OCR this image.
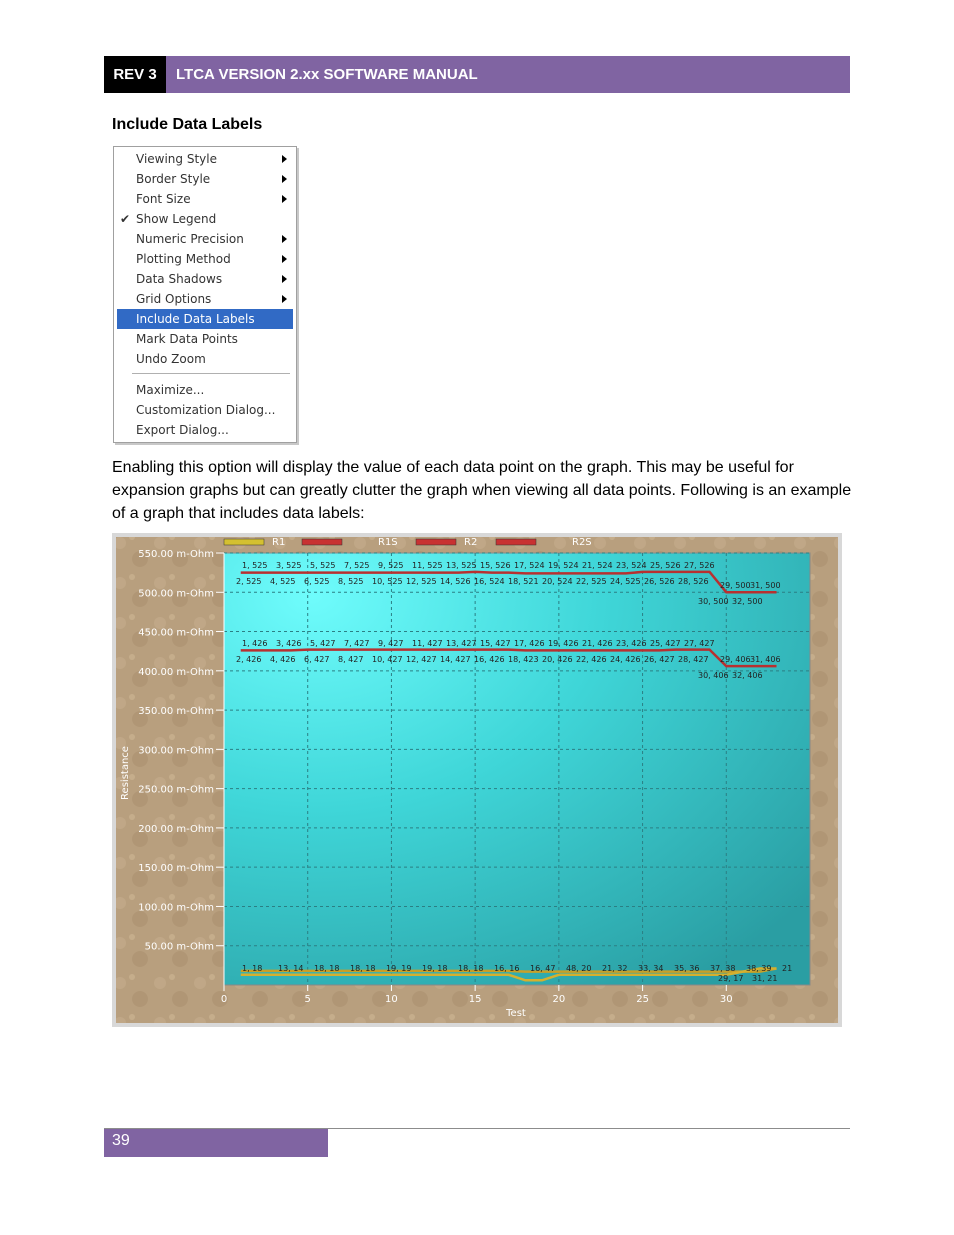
REV 3	LTCA VERSION 2.xx SOFTWARE MANUAL
Include Data Labels
Viewing Style
Border Style
Font Size
✔ Show Legend
Numeric Precision
Plotting Method
Data Shadows
Grid Options
Include Data Labels
Mark Data Points
Undo Zoom
Maximize...
Customization Dialog...
Export Dialog...
Enabling this option will display the value of each data point on the graph. This may be useful for expansion graphs but can greatly clutter the graph when viewing all data points. Following is an example of a graph that includes data labels:
R1	R1S	R2	R2S
50.00 m-Ohm
100.00 m-Ohm
150.00 m-Ohm
200.00 m-Ohm
250.00 m-Ohm
300.00 m-Ohm
350.00 m-Ohm
400.00 m-Ohm
450.00 m-Ohm
500.00 m-Ohm
550.00 m-Ohm
0	5	10	15	20	25	30
1, 525 3, 525 5, 525 7, 525 9, 525 11, 525 13, 525 15, 526 17, 524 19, 524 21, 524 23, 524 25, 526 27, 526
2, 525 4, 525 6, 525 8, 525 10, 525 12, 525 14, 526 16, 524 18, 521 20, 524 22, 525 24, 525 26, 526 28, 526 29, 500 31, 500
30, 500 32, 500
1, 426 3, 426 5, 427 7, 427 9, 427 11, 427 13, 427 15, 427 17, 426 19, 426 21, 426 23, 426 25, 427 27, 427
2, 426 4, 426 6, 427 8, 427 10, 427 12, 427 14, 427 16, 426 18, 423 20, 426 22, 426 24, 426 26, 427 28, 427 29, 406 31, 406
30, 406 32, 406
1, 18 13, 14 18, 18 18, 18 19, 19 19, 18 18, 18 16, 16 16, 47 48, 20 21, 32 33, 34 35, 36 37, 38 38, 39 21
29, 17 31, 21
Test
Resistance
39
